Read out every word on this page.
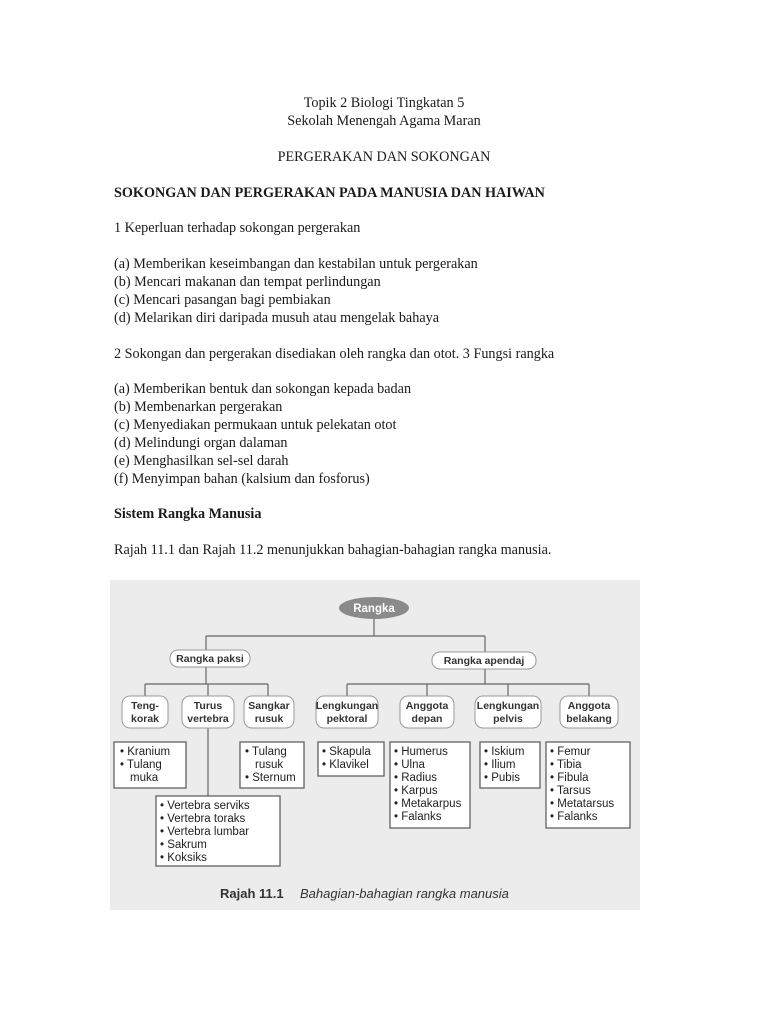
Topik 2 Biologi Tingkatan 5
Sekolah Menengah Agama Maran
PERGERAKAN DAN SOKONGAN
SOKONGAN DAN PERGERAKAN PADA MANUSIA DAN HAIWAN
1 Keperluan terhadap sokongan pergerakan
(a) Memberikan keseimbangan dan kestabilan untuk pergerakan
(b) Mencari makanan dan tempat perlindungan
(c) Mencari pasangan bagi pembiakan
(d) Melarikan diri daripada musuh atau mengelak bahaya
2 Sokongan dan pergerakan disediakan oleh rangka dan otot. 3 Fungsi rangka
(a) Memberikan bentuk dan sokongan kepada badan
(b) Membenarkan pergerakan
(c) Menyediakan permukaan untuk pelekatan otot
(d) Melindungi organ dalaman
(e) Menghasilkan sel-sel darah
(f) Menyimpan bahan (kalsium dan fosforus)
Sistem Rangka Manusia
Rajah 11.1 dan Rajah 11.2 menunjukkan bahagian-bahagian rangka manusia.
Rangka
Rangka paksi	Rangka apendaj
Teng-
korak
Turus
vertebra
Sangkar
rusuk
Lengkungan
pektoral
Anggota
depan
Lengkungan
pelvis
Anggota
belakang
• Kranium
• Tulang
muka
• Vertebra serviks
• Vertebra toraks
• Vertebra lumbar
• Sakrum
• Koksiks
• Tulang
rusuk
• Sternum
• Skapula
• Klavikel
• Humerus
• Ulna
• Radius
• Karpus
• Metakarpus
• Falanks
• Iskium
• Ilium
• Pubis
• Femur
• Tibia
• Fibula
• Tarsus
• Metatarsus
• Falanks
Rajah 11.1 Bahagian-bahagian rangka manusia
